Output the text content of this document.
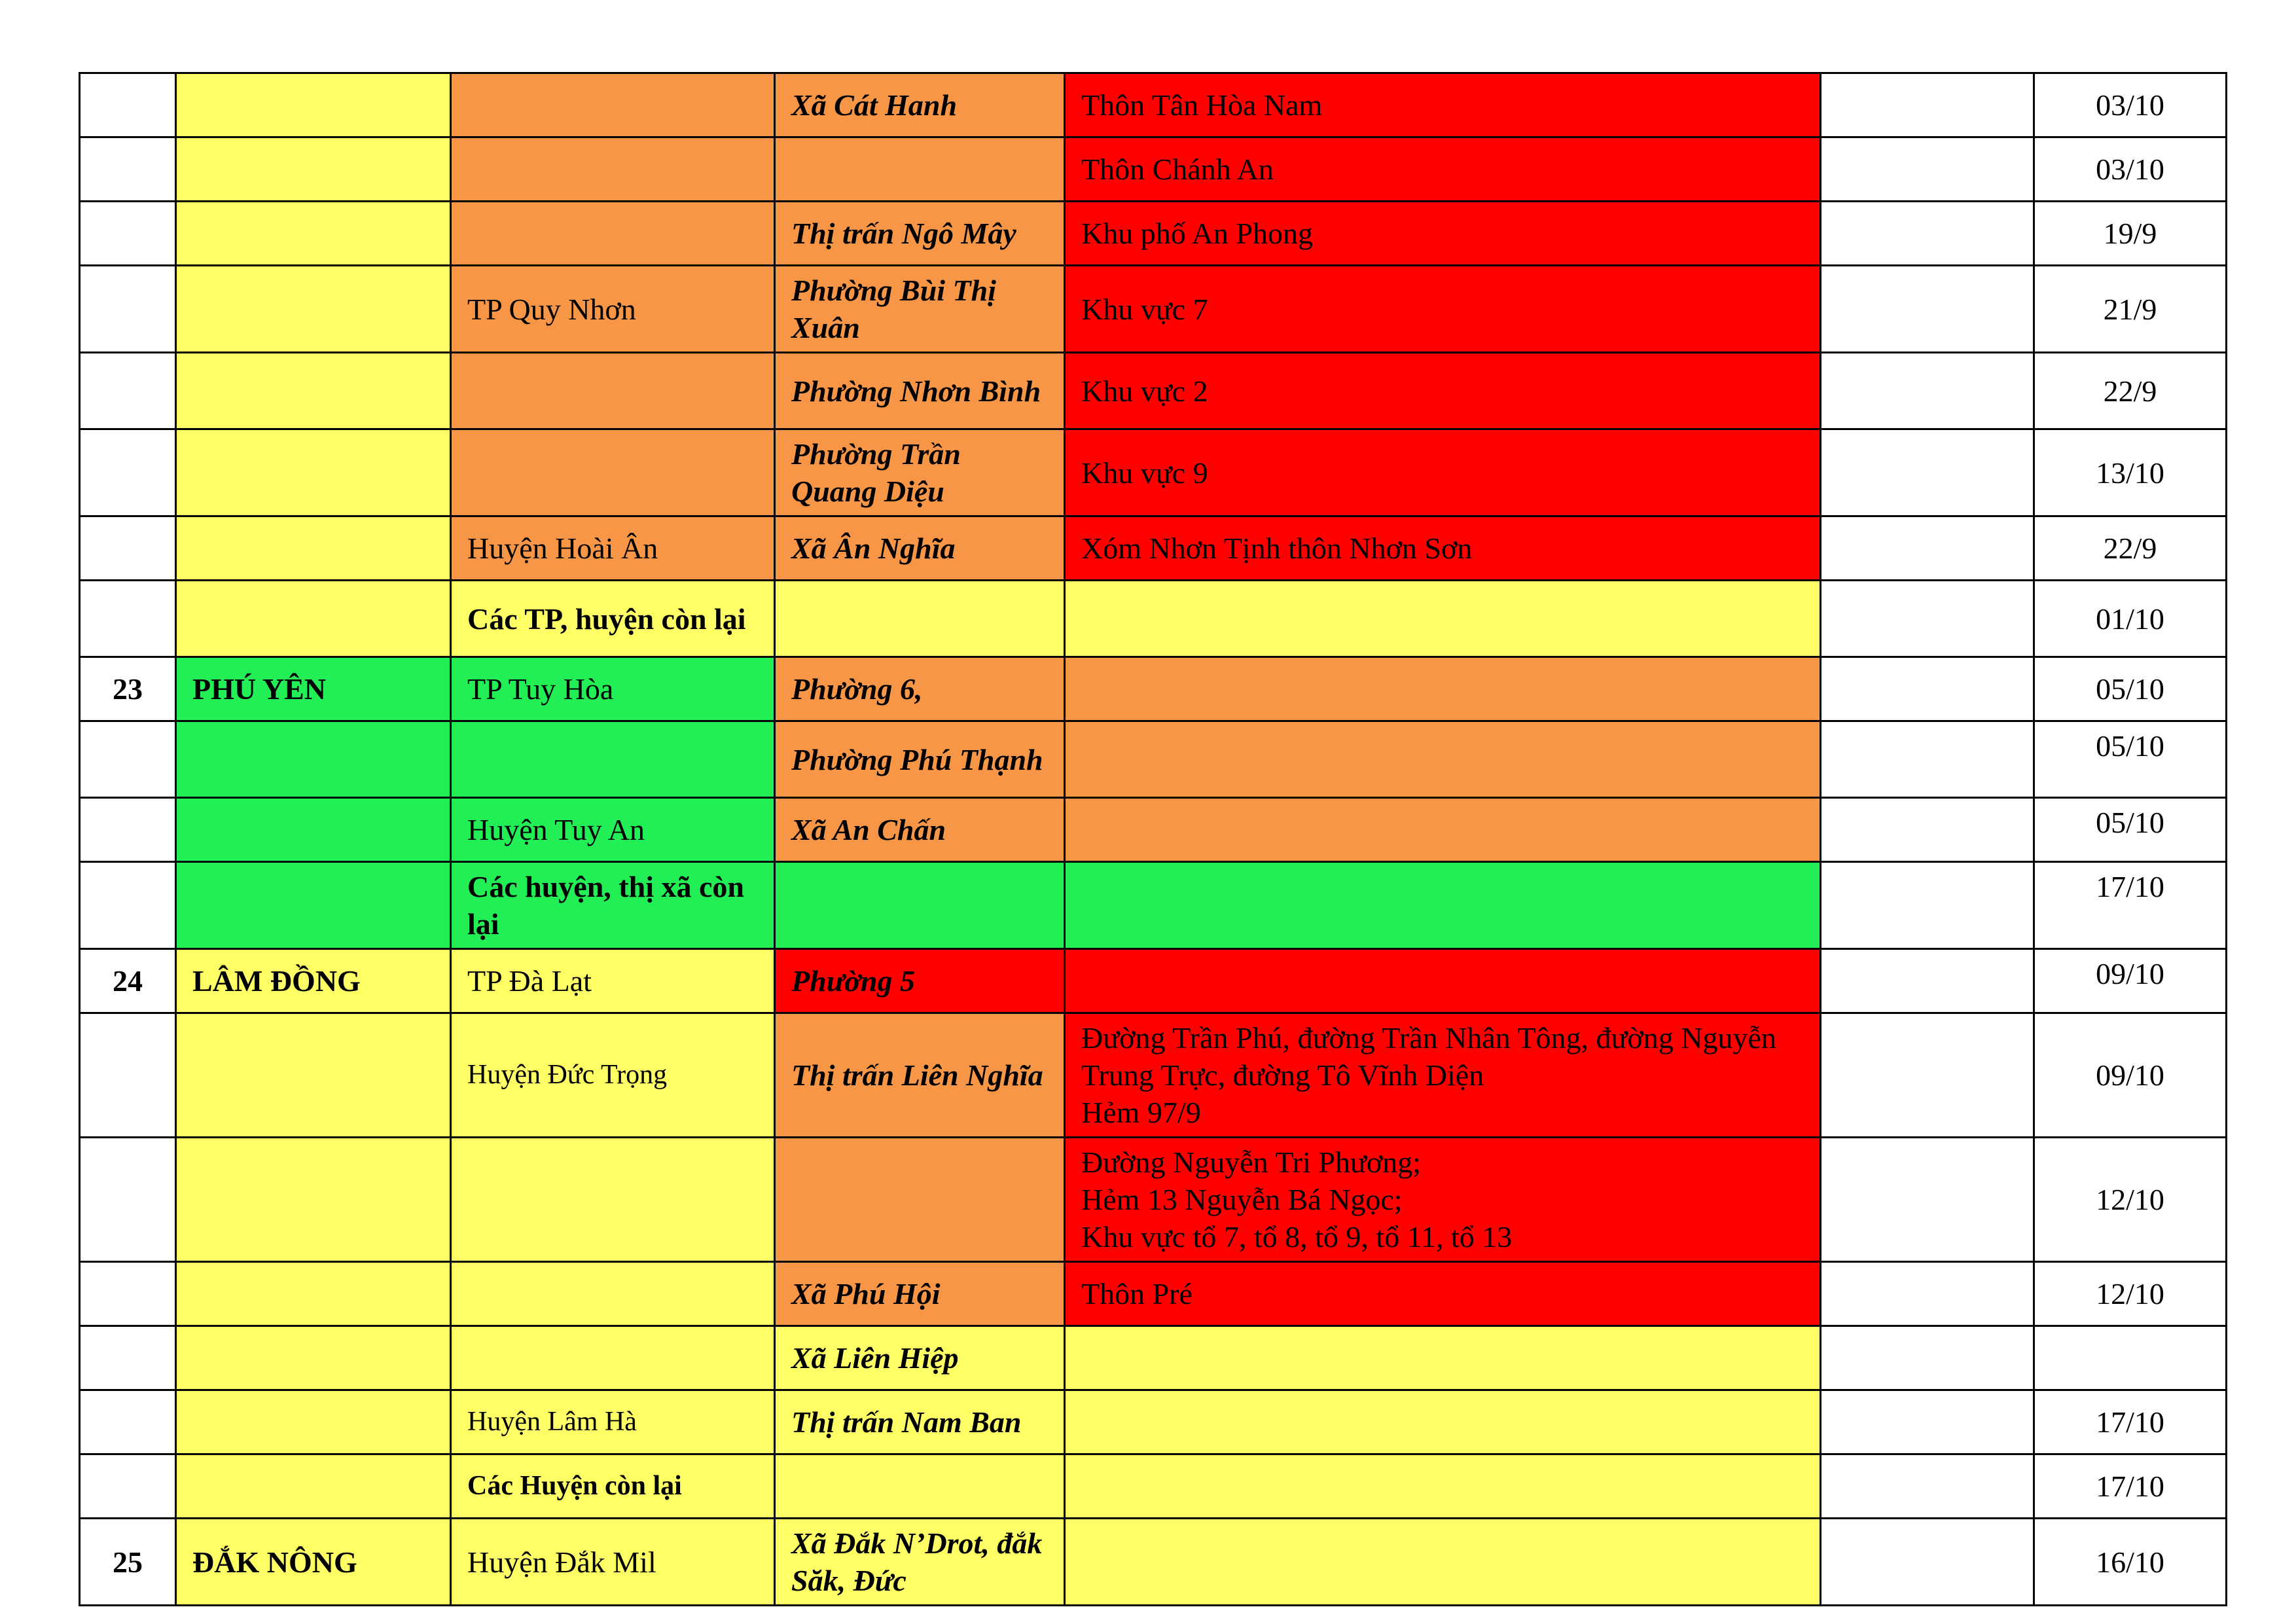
			Xã Cát Hanh	Thôn Tân Hòa Nam		03/10
				Thôn Chánh An		03/10
			Thị trấn Ngô Mây	Khu phố An Phong		19/9
		TP Quy Nhơn	Phường Bùi Thị Xuân	Khu vực 7		21/9
			Phường Nhơn Bình	Khu vực 2		22/9
			Phường Trần Quang Diệu	Khu vực 9		13/10
		Huyện Hoài Ân	Xã Ân Nghĩa	Xóm Nhơn Tịnh thôn Nhơn Sơn		22/9
		Các TP, huyện còn lại				01/10
23	PHÚ YÊN	TP Tuy Hòa	Phường 6,			05/10
			Phường Phú Thạnh			05/10
		Huyện Tuy An	Xã An Chấn			05/10
		Các huyện, thị xã còn lại				17/10
24	LÂM ĐỒNG	TP Đà Lạt	Phường 5			09/10
		Huyện Đức Trọng	Thị trấn Liên Nghĩa	Đường Trần Phú, đường Trần Nhân Tông, đường Nguyễn Trung Trực, đường Tô Vĩnh Diện
Hẻm 97/9		09/10
				Đường Nguyễn Tri Phương;
Hẻm 13 Nguyễn Bá Ngọc;
Khu vực tổ 7, tổ 8, tổ 9, tổ 11, tổ 13		12/10
			Xã Phú Hội	Thôn Pré		12/10
			Xã Liên Hiệp			
		Huyện Lâm Hà	Thị trấn Nam Ban			17/10
		Các Huyện còn lại				17/10
25	ĐẮK NÔNG	Huyện Đắk Mil	Xã Đắk N’Drot, đắk Săk, Đức			16/10
